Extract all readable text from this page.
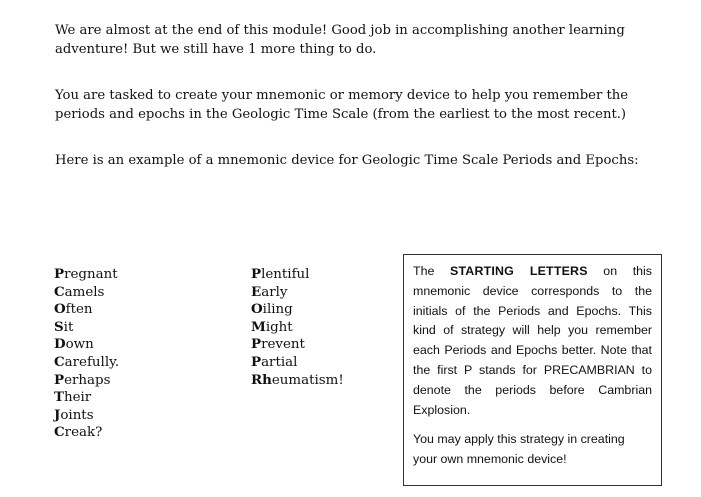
We are almost at the end of this module! Good job in accomplishing another learning adventure! But we still have 1 more thing to do.

You are tasked to create your mnemonic or memory device to help you remember the periods and epochs in the Geologic Time Scale (from the earliest to the most recent.)

Here is an example of a mnemonic device for Geologic Time Scale Periods and Epochs:

Pregnant
Camels
Often
Sit
Down
Carefully.
Perhaps
Their
Joints
Creak?
Plentiful
Early
Oiling
Might
Prevent
Partial
Rheumatism!

The STARTING LETTERS on this mnemonic device corresponds to the initials of the Periods and Epochs. This kind of strategy will help you remember each Periods and Epochs better. Note that the first P stands for PRECAMBRIAN to denote the periods before Cambrian Explosion.

You may apply this strategy in creating your own mnemonic device!
